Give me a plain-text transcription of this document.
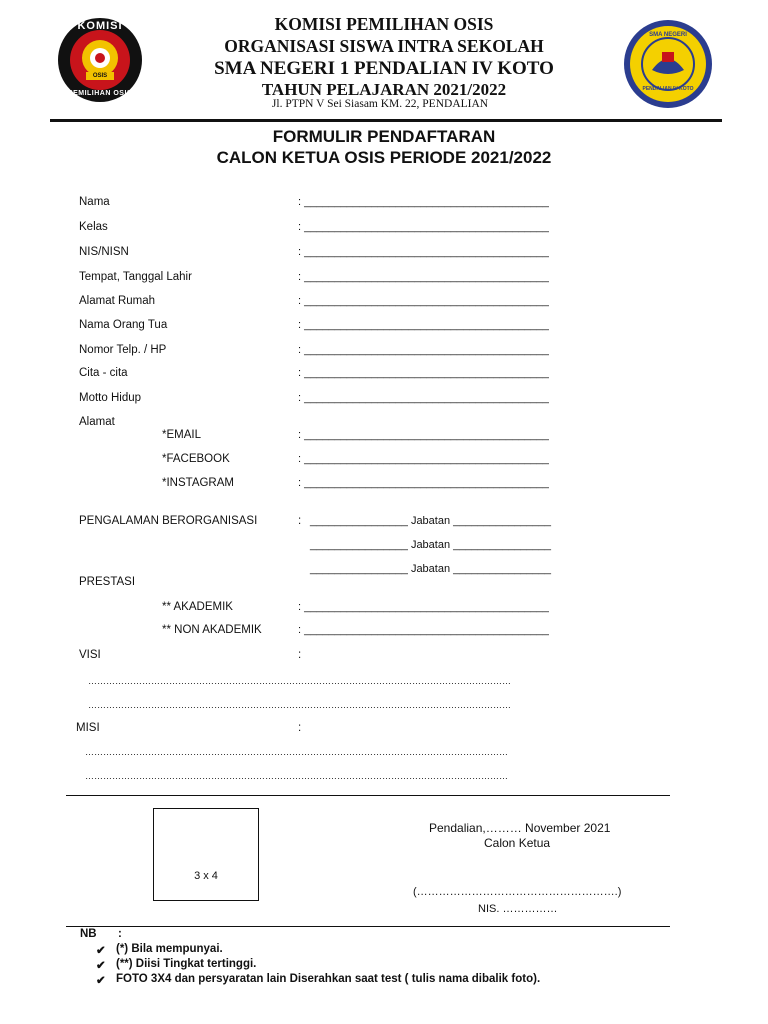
KOMISI
OSIS
PEMILIHAN OSIS
SMA NEGERI
PENDALIAN IV KOTO
KOMISI PEMILIHAN OSIS
ORGANISASI SISWA INTRA SEKOLAH
SMA NEGERI 1 PENDALIAN IV KOTO
TAHUN PELAJARAN 2021/2022
Jl. PTPN V Sei Siasam KM. 22, PENDALIAN
FORMULIR PENDAFTARAN
CALON KETUA OSIS PERIODE 2021/2022
Nama	: ________________________________________
Kelas	: ________________________________________
NIS/NISN	: ________________________________________
Tempat, Tanggal Lahir	: ________________________________________
Alamat Rumah	: ________________________________________
Nama Orang Tua	: ________________________________________
Nomor Telp. / HP	: ________________________________________
Cita - cita	: ________________________________________
Motto Hidup	: ________________________________________
Alamat
*EMAIL	: ________________________________________
*FACEBOOK	: ________________________________________
*INSTAGRAM	: ________________________________________
PENGALAMAN BERORGANISASI	: ________________ Jabatan ________________
________________ Jabatan ________________
________________ Jabatan ________________
PRESTASI
** AKADEMIK	: ________________________________________
** NON AKADEMIK	: ________________________________________
VISI	:
……………………………………………………………………………………………………………………………
……………………………………………………………………………………………………………………………
MISI	:
……………………………………………………………………………………………………………………………
……………………………………………………………………………………………………………………………
3 x 4
Pendalian,……… November 2021
Calon Ketua
(……………………………………………….)
NIS. ……………
NB :
✔ (*) Bila mempunyai.
✔ (**) Diisi Tingkat tertinggi.
✔ FOTO 3X4 dan persyaratan lain Diserahkan saat test ( tulis nama dibalik foto).
